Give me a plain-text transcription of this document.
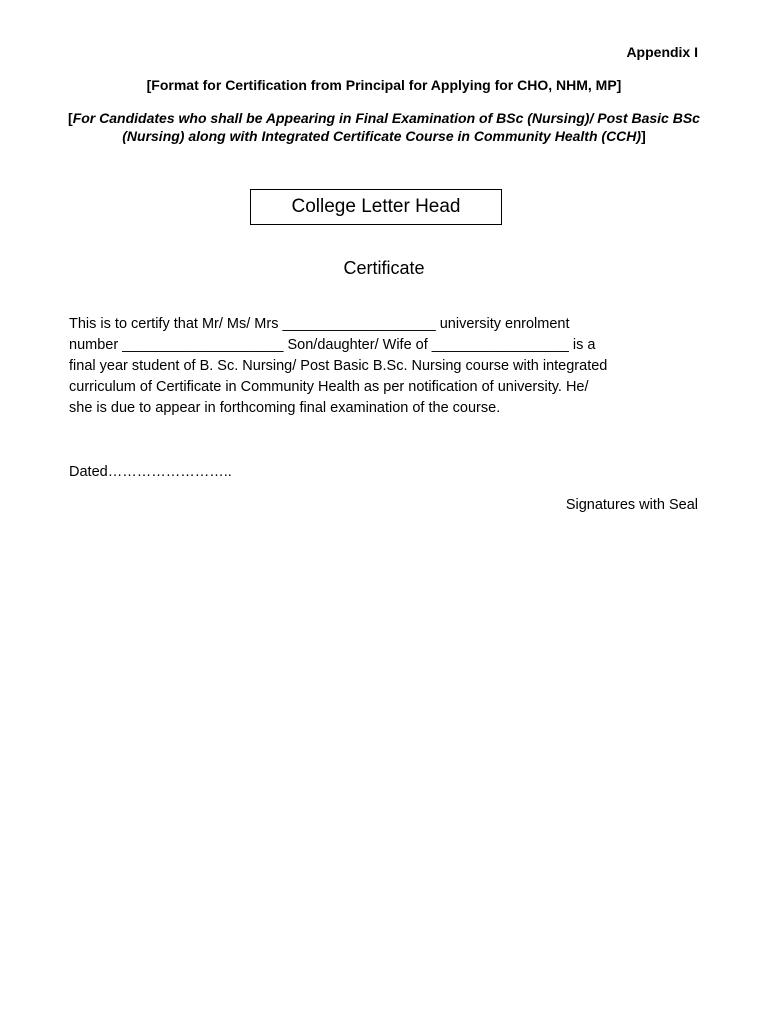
Appendix I
[Format for Certification from Principal for Applying for CHO, NHM, MP]
[For Candidates who shall be Appearing in Final Examination of BSc (Nursing)/ Post Basic BSc (Nursing) along with Integrated Certificate Course in Community Health (CCH)]
College Letter Head
Certificate
This is to certify that Mr/ Ms/ Mrs ___________________ university enrolment
number ____________________ Son/daughter/ Wife of _________________ is a
final year student of B. Sc. Nursing/ Post Basic B.Sc. Nursing course with integrated
curriculum of Certificate in Community Health as per notification of university. He/
she is due to appear in forthcoming final examination of the course.
Dated……………………..
Signatures with Seal
